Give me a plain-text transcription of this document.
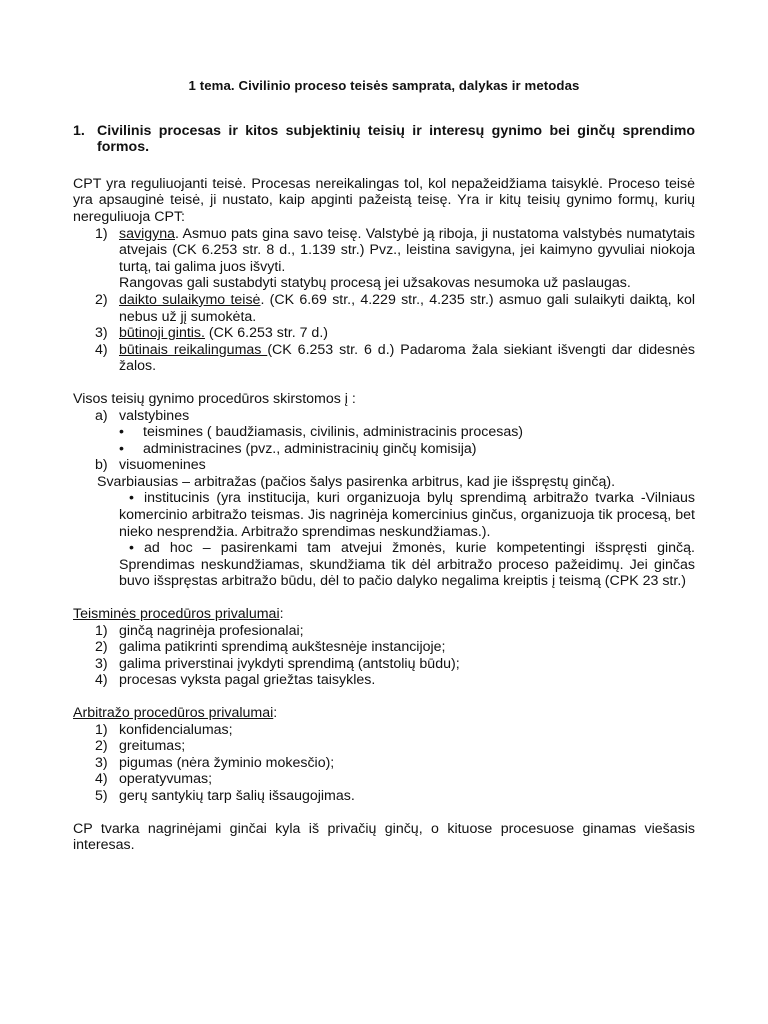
1 tema. Civilinio proceso teisės samprata, dalykas ir metodas
1. Civilinis procesas ir kitos subjektinių teisių ir interesų gynimo bei ginčų sprendimo formos.

CPT yra reguliuojanti teisė. Procesas nereikalingas tol, kol nepažeidžiama taisyklė. Proceso teisė yra apsauginė teisė, ji nustato, kaip apginti pažeistą teisę. Yra ir kitų teisių gynimo formų, kurių nereguliuoja CPT:

1) savigyna. Asmuo pats gina savo teisę. Valstybė ją riboja, ji nustatoma valstybės numatytais atvejais (CK 6.253 str. 8 d., 1.139 str.) Pvz., leistina savigyna, jei kaimyno gyvuliai niokoja turtą, tai galima juos išvyti.
Rangovas gali sustabdyti statybų procesą jei užsakovas nesumoka už paslaugas.
2) daikto sulaikymo teisė. (CK 6.69 str., 4.229 str., 4.235 str.) asmuo gali sulaikyti daiktą, kol nebus už jį sumokėta.
3) būtinoji gintis. (CK 6.253 str. 7 d.)
4) būtinais reikalingumas (CK 6.253 str. 6 d.) Padaroma žala siekiant išvengti dar didesnės žalos.

Visos teisių gynimo procedūros skirstomos į :

a) valstybines
•	teismines ( baudžiamasis, civilinis, administracinis procesas)
•	administracines (pvz., administracinių ginčų komisija)
b) visuomenines
Svarbiausias – arbitražas (pačios šalys pasirenka arbitrus, kad jie išspręstų ginčą).
• institucinis (yra institucija, kuri organizuoja bylų sprendimą arbitražo tvarka -Vilniaus komercinio arbitražo teismas. Jis nagrinėja komercinius ginčus, organizuoja tik procesą, bet nieko nesprendžia. Arbitražo sprendimas neskundžiamas.).
• ad hoc – pasirenkami tam atvejui žmonės, kurie kompetentingi išspręsti ginčą. Sprendimas neskundžiamas, skundžiama tik dėl arbitražo proceso pažeidimų. Jei ginčas buvo išspręstas arbitražo būdu, dėl to pačio dalyko negalima kreiptis į teismą (CPK 23 str.)

Teisminės procedūros privalumai:

1) ginčą nagrinėja profesionalai;
2) galima patikrinti sprendimą aukštesnėje instancijoje;
3) galima priverstinai įvykdyti sprendimą (antstolių būdu);
4) procesas vyksta pagal griežtas taisykles.

Arbitražo procedūros privalumai:

1) konfidencialumas;
2) greitumas;
3) pigumas (nėra žyminio mokesčio);
4) operatyvumas;
5) gerų santykių tarp šalių išsaugojimas.

CP tvarka nagrinėjami ginčai kyla iš privačių ginčų, o kituose procesuose ginamas viešasis interesas.
